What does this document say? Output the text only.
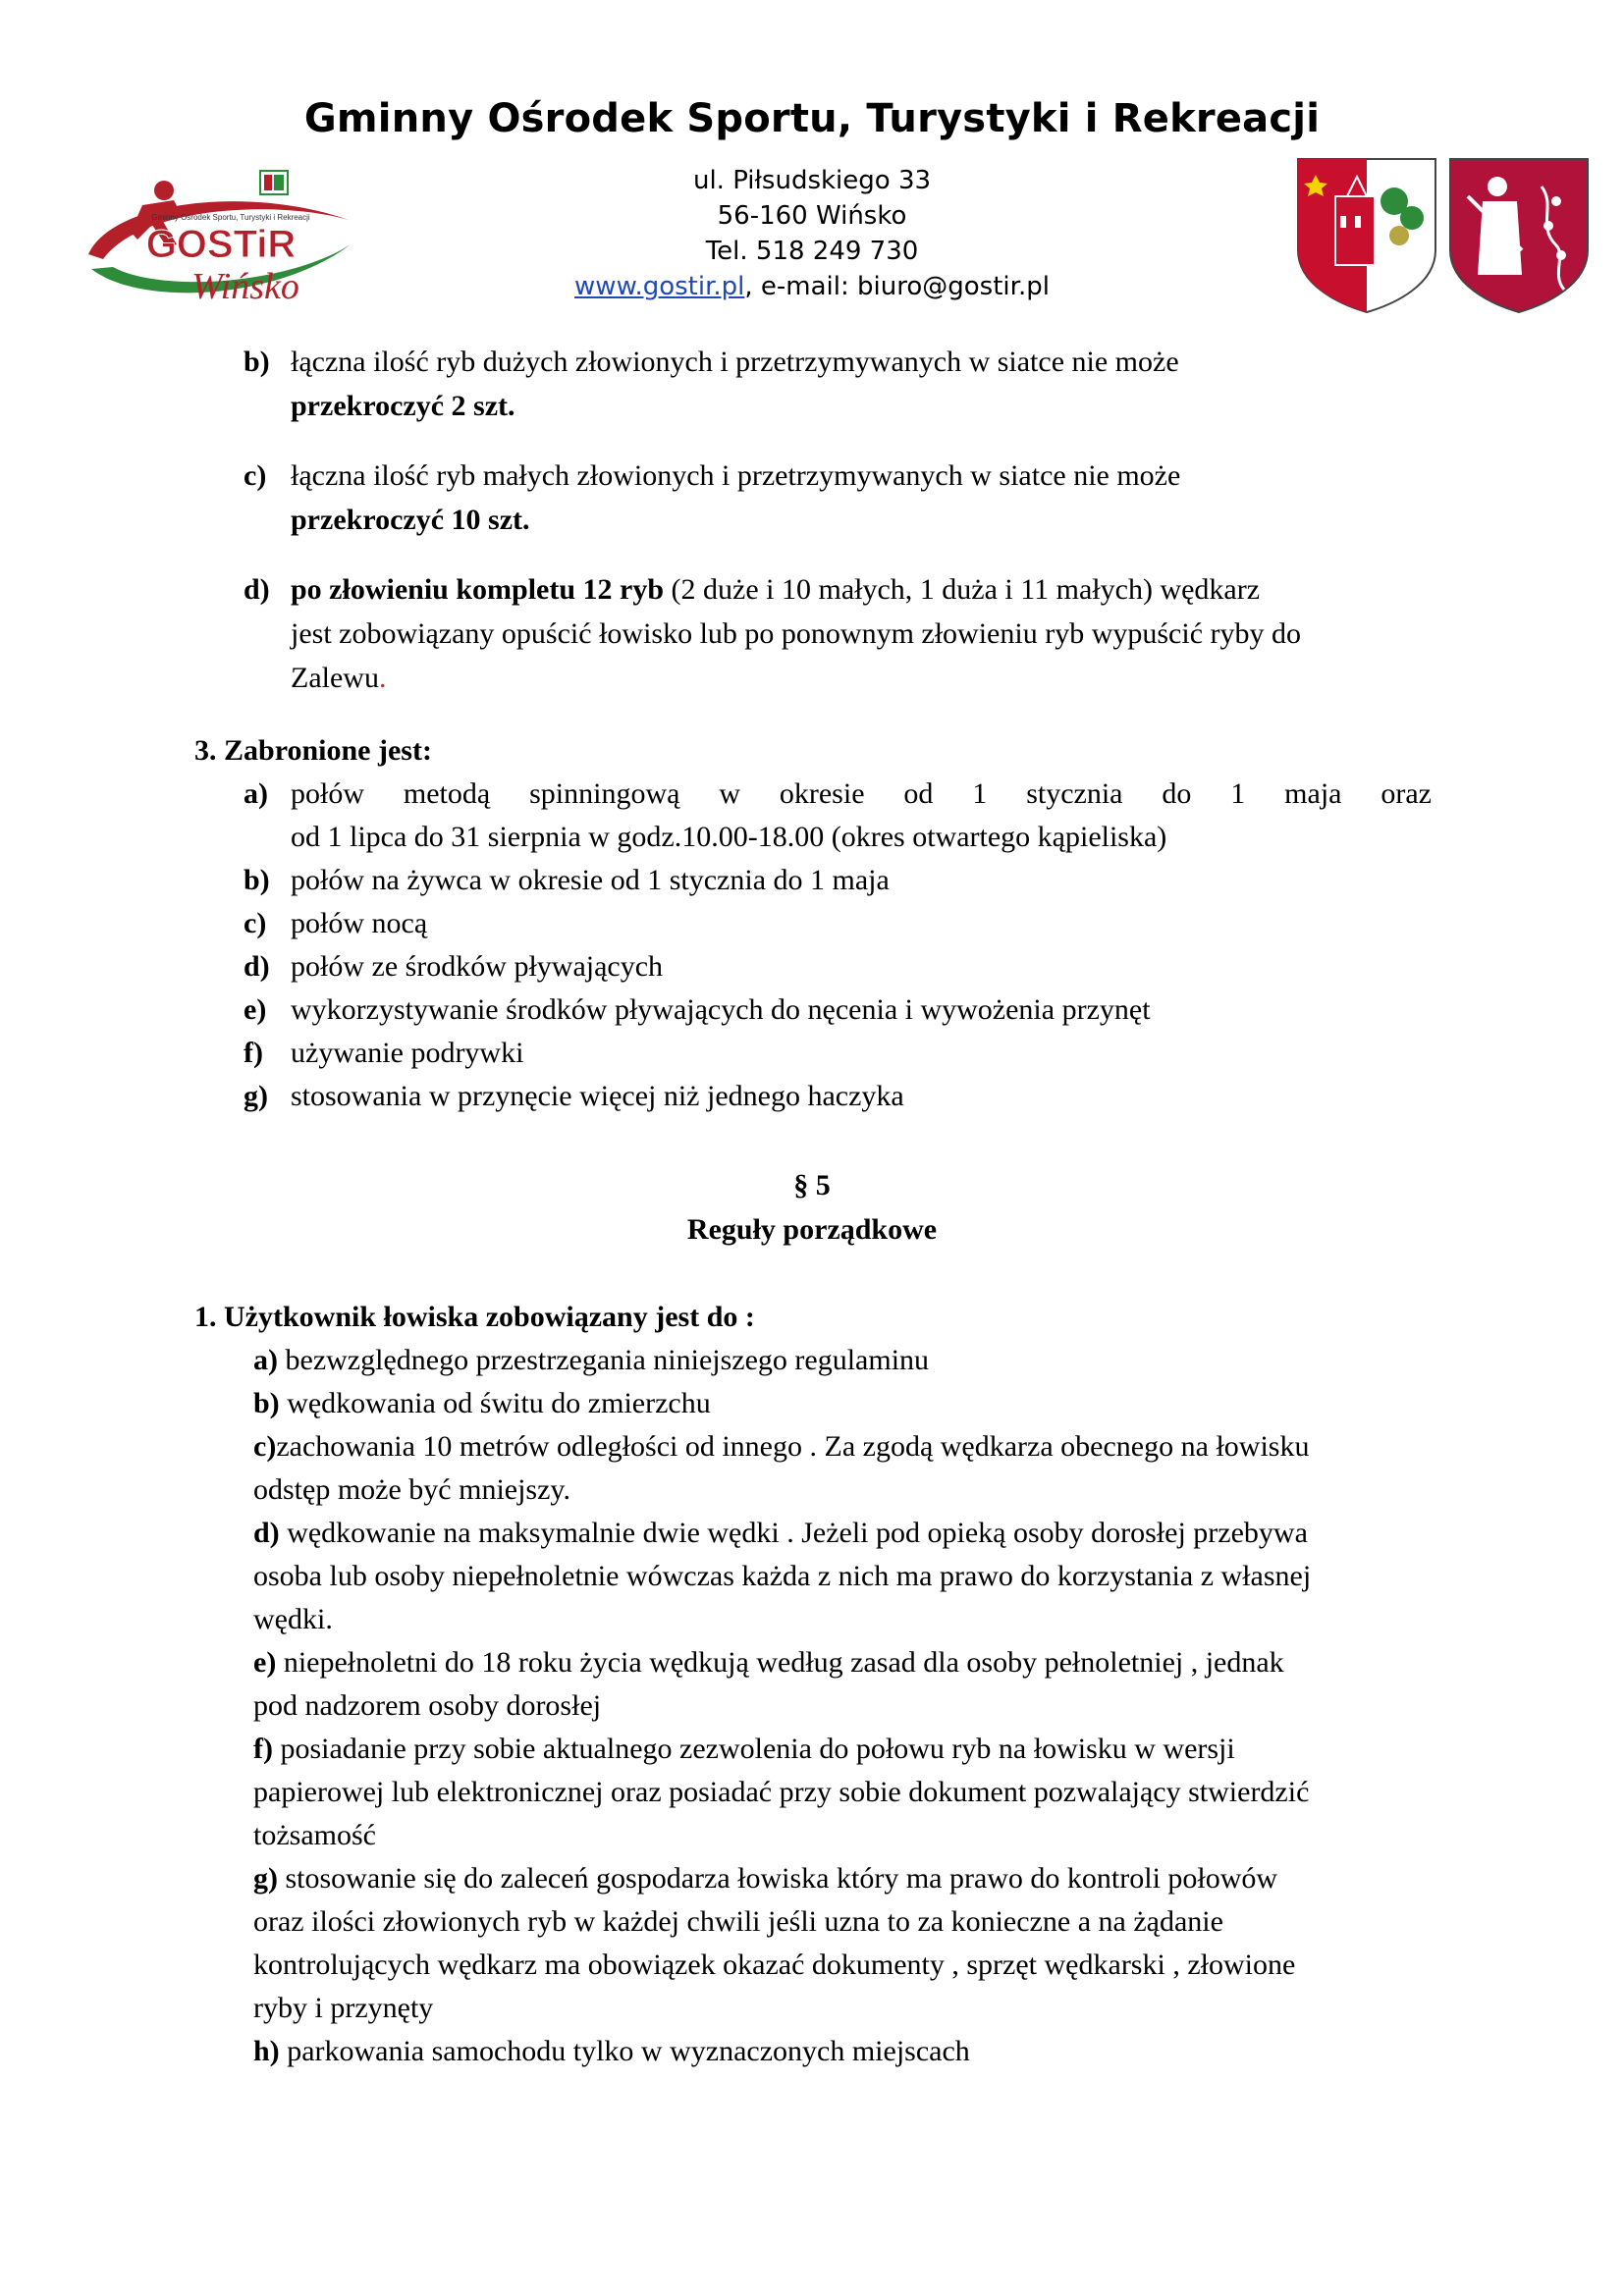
Gminny Ośrodek Sportu, Turystyki i Rekreacji
ul. Piłsudskiego 33
56-160 Wińsko
Tel. 518 249 730
www.gostir.pl, e-mail: biuro@gostir.pl
Gminny Ośrodek Sportu, Turystyki i Rekreacji
GOSTiR
Wińsko
b) łączna ilość ryb dużych złowionych i przetrzymywanych w siatce nie może
przekroczyć 2 szt.
c) łączna ilość ryb małych złowionych i przetrzymywanych w siatce nie może
przekroczyć 10 szt.
d) po złowieniu kompletu 12 ryb (2 duże i 10 małych, 1 duża i 11 małych) wędkarz
jest zobowiązany opuścić łowisko lub po ponownym złowieniu ryb wypuścić ryby do
Zalewu.
3. Zabronione jest:
a) połów metodą spinningową w okresie od 1 stycznia do 1 maja oraz
od 1 lipca do 31 sierpnia w godz.10.00-18.00 (okres otwartego kąpieliska)
b) połów na żywca w okresie od 1 stycznia do 1 maja
c) połów nocą
d) połów ze środków pływających
e) wykorzystywanie środków pływających do nęcenia i wywożenia przynęt
f) używanie podrywki
g) stosowania w przynęcie więcej niż jednego haczyka
§ 5
Reguły porządkowe
1. Użytkownik łowiska zobowiązany jest do :
a) bezwzględnego przestrzegania niniejszego regulaminu
b) wędkowania od świtu do zmierzchu
c)zachowania 10 metrów odległości od innego . Za zgodą wędkarza obecnego na łowisku
odstęp może być mniejszy.
d) wędkowanie na maksymalnie dwie wędki . Jeżeli pod opieką osoby dorosłej przebywa
osoba lub osoby niepełnoletnie wówczas każda z nich ma prawo do korzystania z własnej
wędki.
e) niepełnoletni do 18 roku życia wędkują według zasad dla osoby pełnoletniej , jednak
pod nadzorem osoby dorosłej
f) posiadanie przy sobie aktualnego zezwolenia do połowu ryb na łowisku w wersji
papierowej lub elektronicznej oraz posiadać przy sobie dokument pozwalający stwierdzić
tożsamość
g) stosowanie się do zaleceń gospodarza łowiska który ma prawo do kontroli połowów
oraz ilości złowionych ryb w każdej chwili jeśli uzna to za konieczne a na żądanie
kontrolujących wędkarz ma obowiązek okazać dokumenty , sprzęt wędkarski , złowione
ryby i przynęty
h) parkowania samochodu tylko w wyznaczonych miejscach
